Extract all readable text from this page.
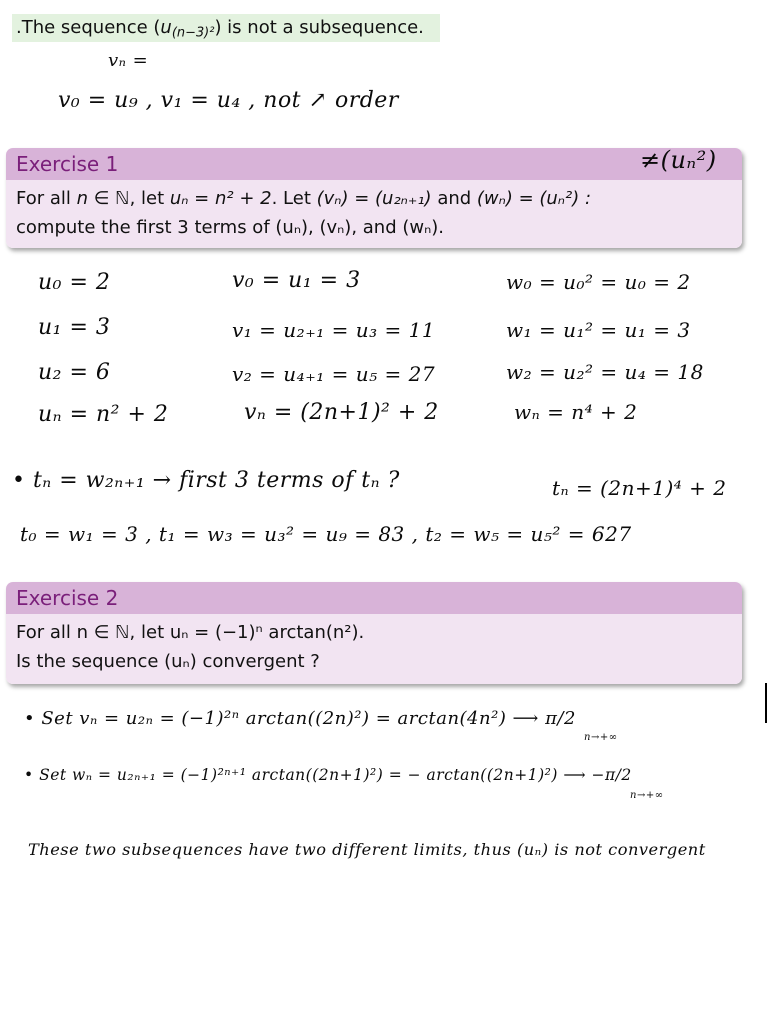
.The sequence $(u_{(n-3)^2})$ is not a subsequence.
vₙ =
v₀ = u₉ , v₁ = u₄ , not ↗ order
Exercise 1
For all n ∈ ℕ, let uₙ = n² + 2. Let (vₙ) = (u₂ₙ₊₁) and (wₙ) = (uₙ²) :
compute the first 3 terms of (uₙ), (vₙ), and (wₙ).
≠(uₙ²)
u₀ = 2
u₁ = 3
u₂ = 6
uₙ = n² + 2
v₀ = u₁ = 3
v₁ = u₂₊₁ = u₃ = 11
v₂ = u₄₊₁ = u₅ = 27
vₙ = (2n+1)² + 2
w₀ = u₀² = u₀ = 2
w₁ = u₁² = u₁ = 3
w₂ = u₂² = u₄ = 18
wₙ = n⁴ + 2
• tₙ = w₂ₙ₊₁ → first 3 terms of tₙ ?	tₙ = (2n+1)⁴ + 2
t₀ = w₁ = 3 , t₁ = w₃ = u₃² = u₉ = 83 , t₂ = w₅ = u₅² = 627
Exercise 2
For all n ∈ ℕ, let uₙ = (−1)ⁿ arctan(n²).
Is the sequence (uₙ) convergent ?
• Set vₙ = u₂ₙ = (−1)²ⁿ arctan((2n)²) = arctan(4n²) ⟶ π/2
n→+∞
• Set wₙ = u₂ₙ₊₁ = (−1)²ⁿ⁺¹ arctan((2n+1)²) = − arctan((2n+1)²) ⟶ −π/2
n→+∞
These two subsequences have two different limits, thus (uₙ) is not convergent
